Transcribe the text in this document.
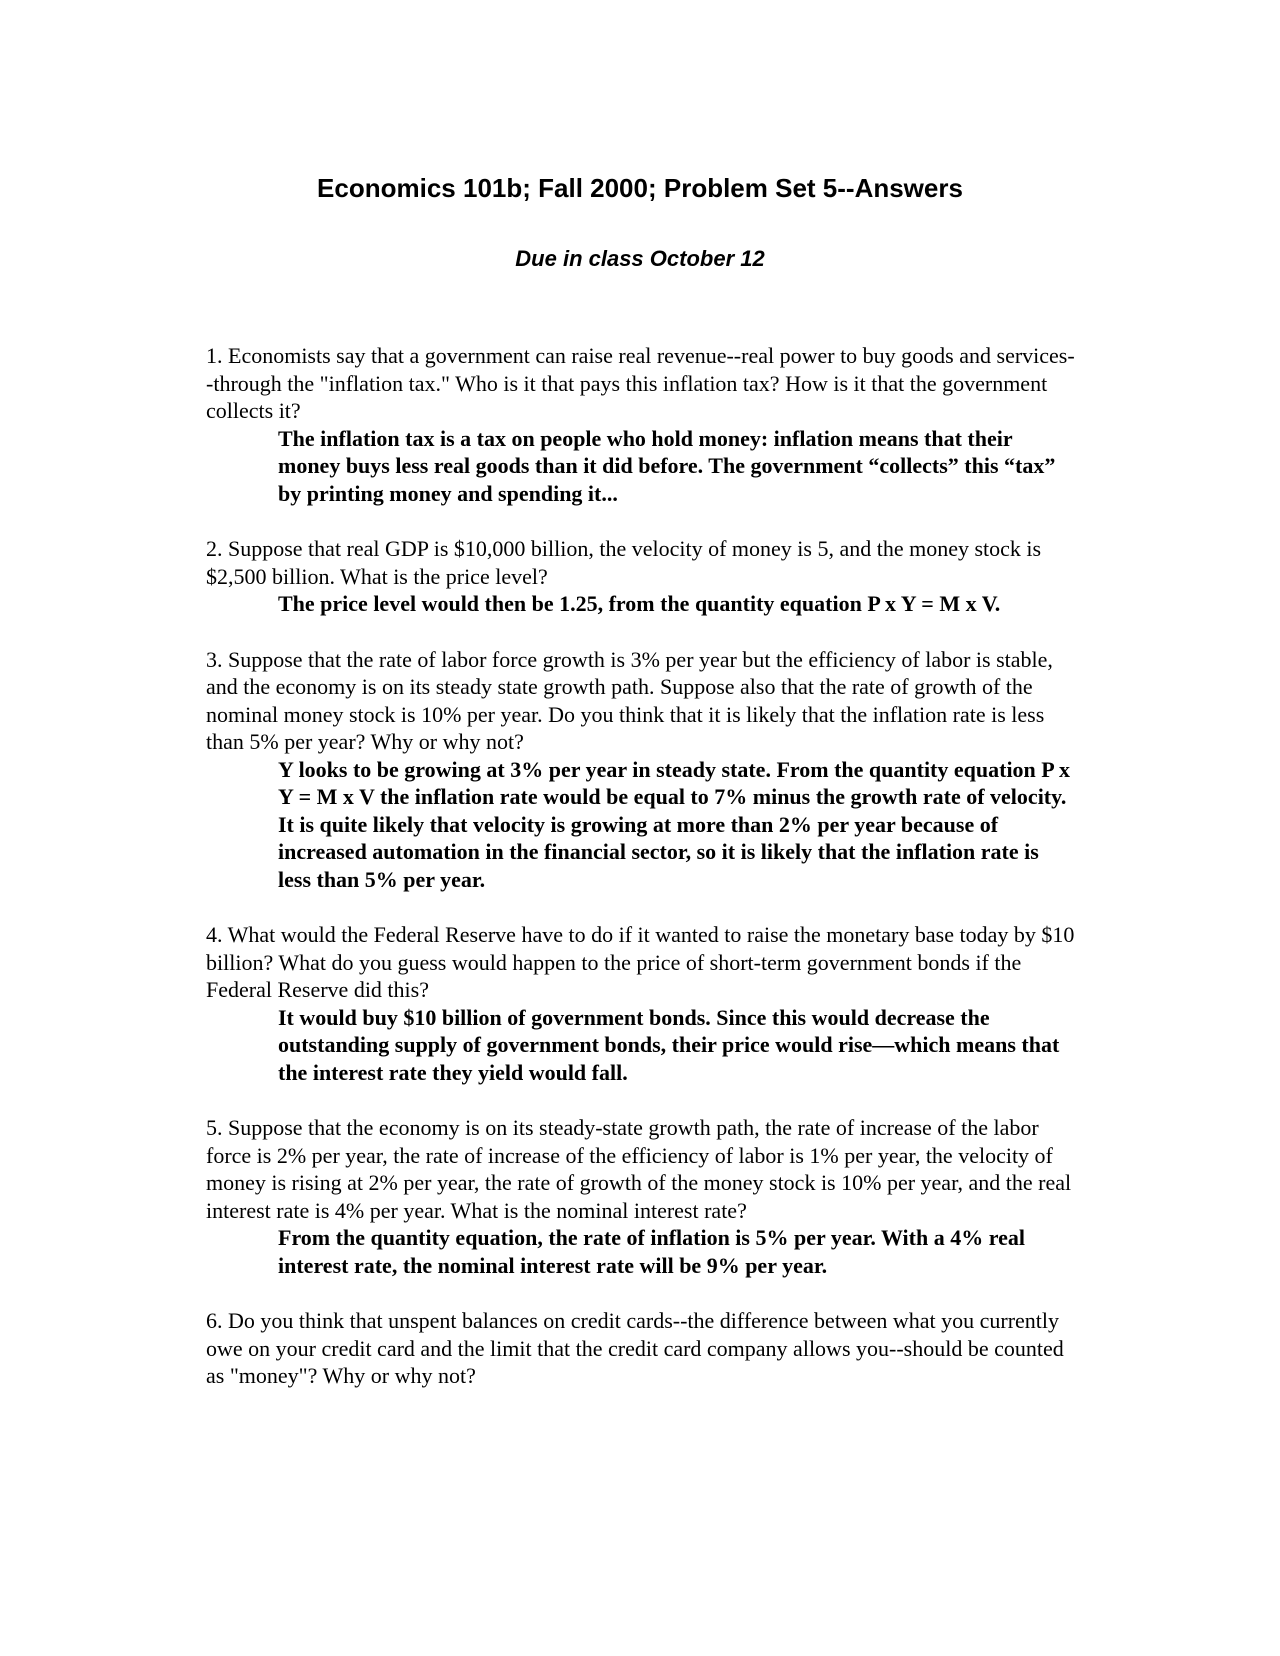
Economics 101b; Fall 2000; Problem Set 5--Answers
Due in class October 12

1. Economists say that a government can raise real revenue--real power to buy goods and services--through the "inflation tax." Who is it that pays this inflation tax? How is it that the government collects it?

The inflation tax is a tax on people who hold money: inflation means that their money buys less real goods than it did before. The government “collects” this “tax” by printing money and spending it...

2. Suppose that real GDP is $10,000 billion, the velocity of money is 5, and the money stock is $2,500 billion. What is the price level?

The price level would then be 1.25, from the quantity equation P x Y = M x V.

3. Suppose that the rate of labor force growth is 3% per year but the efficiency of labor is stable, and the economy is on its steady state growth path. Suppose also that the rate of growth of the nominal money stock is 10% per year. Do you think that it is likely that the inflation rate is less than 5% per year? Why or why not?

Y looks to be growing at 3% per year in steady state. From the quantity equation P x Y = M x V the inflation rate would be equal to 7% minus the growth rate of velocity. It is quite likely that velocity is growing at more than 2% per year because of increased automation in the financial sector, so it is likely that the inflation rate is less than 5% per year.

4. What would the Federal Reserve have to do if it wanted to raise the monetary base today by $10 billion? What do you guess would happen to the price of short-term government bonds if the Federal Reserve did this?

It would buy $10 billion of government bonds. Since this would decrease the outstanding supply of government bonds, their price would rise—which means that the interest rate they yield would fall.

5. Suppose that the economy is on its steady-state growth path, the rate of increase of the labor force is 2% per year, the rate of increase of the efficiency of labor is 1% per year, the velocity of money is rising at 2% per year, the rate of growth of the money stock is 10% per year, and the real interest rate is 4% per year. What is the nominal interest rate?

From the quantity equation, the rate of inflation is 5% per year. With a 4% real interest rate, the nominal interest rate will be 9% per year.

6. Do you think that unspent balances on credit cards--the difference between what you currently owe on your credit card and the limit that the credit card company allows you--should be counted as "money"? Why or why not?
